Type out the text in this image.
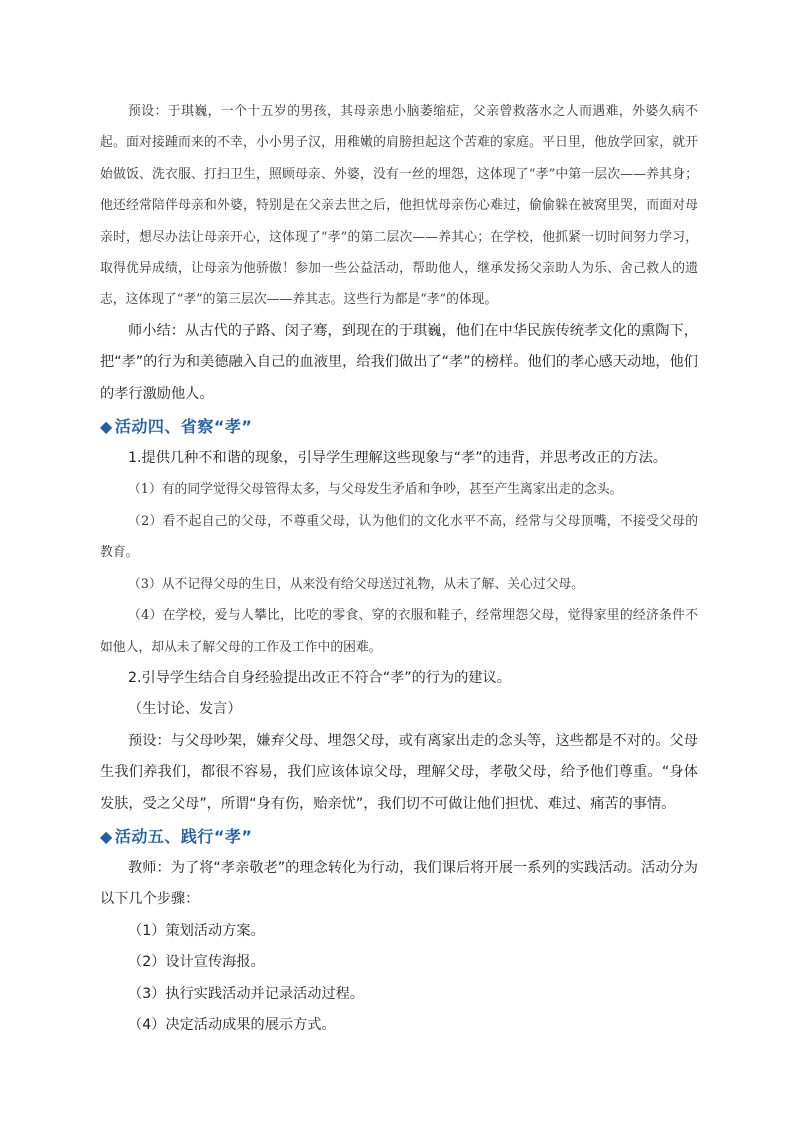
预设：于琪巍，一个十五岁的男孩，其母亲患小脑萎缩症，父亲曾救落水之人而遇难，外婆久病不起。面对接踵而来的不幸，小小男子汉，用稚嫩的肩膀担起这个苦难的家庭。平日里，他放学回家，就开始做饭、洗衣服、打扫卫生，照顾母亲、外婆，没有一丝的埋怨，这体现了“孝”中第一层次——养其身；他还经常陪伴母亲和外婆，特别是在父亲去世之后，他担忧母亲伤心难过，偷偷躲在被窝里哭，而面对母亲时，想尽办法让母亲开心，这体现了“孝”的第二层次——养其心；在学校，他抓紧一切时间努力学习，取得优异成绩，让母亲为他骄傲！参加一些公益活动，帮助他人，继承发扬父亲助人为乐、舍己救人的遗志，这体现了“孝”的第三层次——养其志。这些行为都是“孝”的体现。

师小结：从古代的子路、闵子骞，到现在的于琪巍，他们在中华民族传统孝文化的熏陶下，把“孝”的行为和美德融入自己的血液里，给我们做出了“孝”的榜样。他们的孝心感天动地，他们的孝行激励他人。

◆ 活动四、省察“孝”

1.提供几种不和谐的现象，引导学生理解这些现象与“孝”的违背，并思考改正的方法。

（1）有的同学觉得父母管得太多，与父母发生矛盾和争吵，甚至产生离家出走的念头。

（2）看不起自己的父母，不尊重父母，认为他们的文化水平不高，经常与父母顶嘴，不接受父母的教育。

（3）从不记得父母的生日，从来没有给父母送过礼物，从未了解、关心过父母。

（4）在学校，爱与人攀比，比吃的零食、穿的衣服和鞋子，经常埋怨父母，觉得家里的经济条件不如他人，却从未了解父母的工作及工作中的困难。

2.引导学生结合自身经验提出改正不符合“孝”的行为的建议。

（生讨论、发言）

预设：与父母吵架，嫌弃父母、埋怨父母，或有离家出走的念头等，这些都是不对的。父母生我们养我们，都很不容易，我们应该体谅父母，理解父母，孝敬父母，给予他们尊重。“身体发肤，受之父母”，所谓“身有伤，贻亲忧”，我们切不可做让他们担忧、难过、痛苦的事情。

◆ 活动五、践行“孝”

教师：为了将“孝亲敬老”的理念转化为行动，我们课后将开展一系列的实践活动。活动分为以下几个步骤：

（1）策划活动方案。

（2）设计宣传海报。

（3）执行实践活动并记录活动过程。

（4）决定活动成果的展示方式。
